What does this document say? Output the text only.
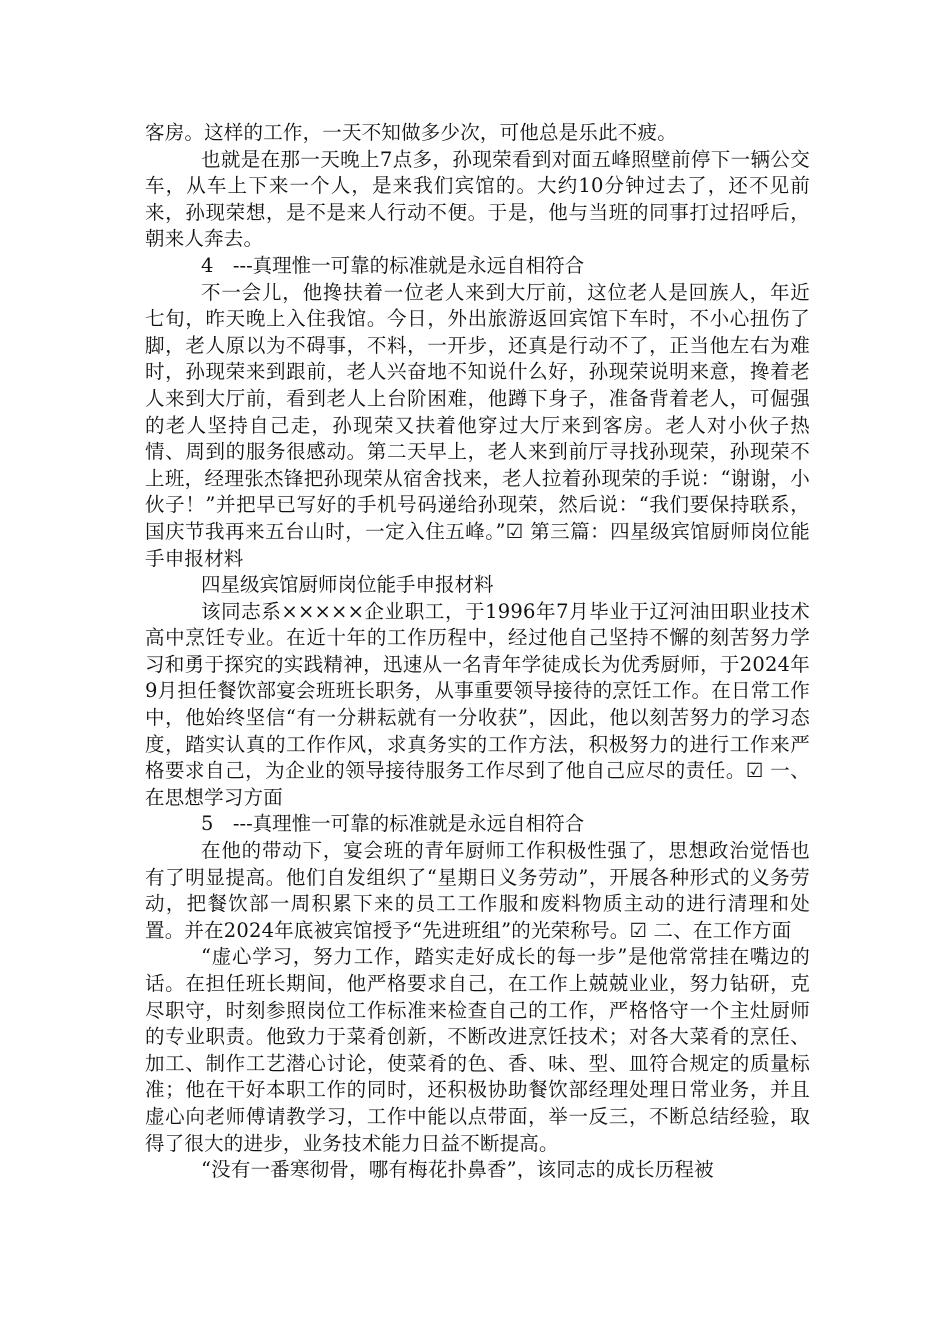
客房。这样的工作，一天不知做多少次，可他总是乐此不疲。

也就是在那一天晚上7点多，孙现荣看到对面五峰照壁前停下一辆公交车，从车上下来一个人，是来我们宾馆的。大约10分钟过去了，还不见前来，孙现荣想，是不是来人行动不便。于是，他与当班的同事打过招呼后，朝来人奔去。

4　---真理惟一可靠的标准就是永远自相符合

不一会儿，他搀扶着一位老人来到大厅前，这位老人是回族人，年近七旬，昨天晚上入住我馆。今日，外出旅游返回宾馆下车时，不小心扭伤了脚，老人原以为不碍事，不料，一开步，还真是行动不了，正当他左右为难时，孙现荣来到跟前，老人兴奋地不知说什么好，孙现荣说明来意，搀着老人来到大厅前，看到老人上台阶困难，他蹲下身子，准备背着老人，可倔强的老人坚持自己走，孙现荣又扶着他穿过大厅来到客房。老人对小伙子热情、周到的服务很感动。第二天早上，老人来到前厅寻找孙现荣，孙现荣不上班，经理张杰锋把孙现荣从宿舍找来，老人拉着孙现荣的手说：“谢谢，小伙子！”并把早已写好的手机号码递给孙现荣，然后说：“我们要保持联系，国庆节我再来五台山时，一定入住五峰。”☑ 第三篇：四星级宾馆厨师岗位能手申报材料

四星级宾馆厨师岗位能手申报材料

该同志系×××××企业职工，于1996年7月毕业于辽河油田职业技术高中烹饪专业。在近十年的工作历程中，经过他自己坚持不懈的刻苦努力学习和勇于探究的实践精神，迅速从一名青年学徒成长为优秀厨师，于2024年9月担任餐饮部宴会班班长职务，从事重要领导接待的烹饪工作。在日常工作中，他始终坚信“有一分耕耘就有一分收获”，因此，他以刻苦努力的学习态度，踏实认真的工作作风，求真务实的工作方法，积极努力的进行工作来严格要求自己，为企业的领导接待服务工作尽到了他自己应尽的责任。☑ 一、在思想学习方面

5　---真理惟一可靠的标准就是永远自相符合

在他的带动下，宴会班的青年厨师工作积极性强了，思想政治觉悟也有了明显提高。他们自发组织了“星期日义务劳动”，开展各种形式的义务劳动，把餐饮部一周积累下来的员工工作服和废料物质主动的进行清理和处置。并在2024年底被宾馆授予“先进班组”的光荣称号。☑ 二、在工作方面

“虚心学习，努力工作，踏实走好成长的每一步”是他常常挂在嘴边的话。在担任班长期间，他严格要求自己，在工作上兢兢业业，努力钻研，克尽职守，时刻参照岗位工作标准来检查自己的工作，严格恪守一个主灶厨师的专业职责。他致力于菜肴创新，不断改进烹饪技术；对各大菜肴的烹任、加工、制作工艺潜心讨论，使菜肴的色、香、味、型、皿符合规定的质量标准；他在干好本职工作的同时，还积极协助餐饮部经理处理日常业务，并且虚心向老师傅请教学习，工作中能以点带面，举一反三，不断总结经验，取得了很大的进步，业务技术能力日益不断提高。

“没有一番寒彻骨，哪有梅花扑鼻香”，该同志的成长历程被
